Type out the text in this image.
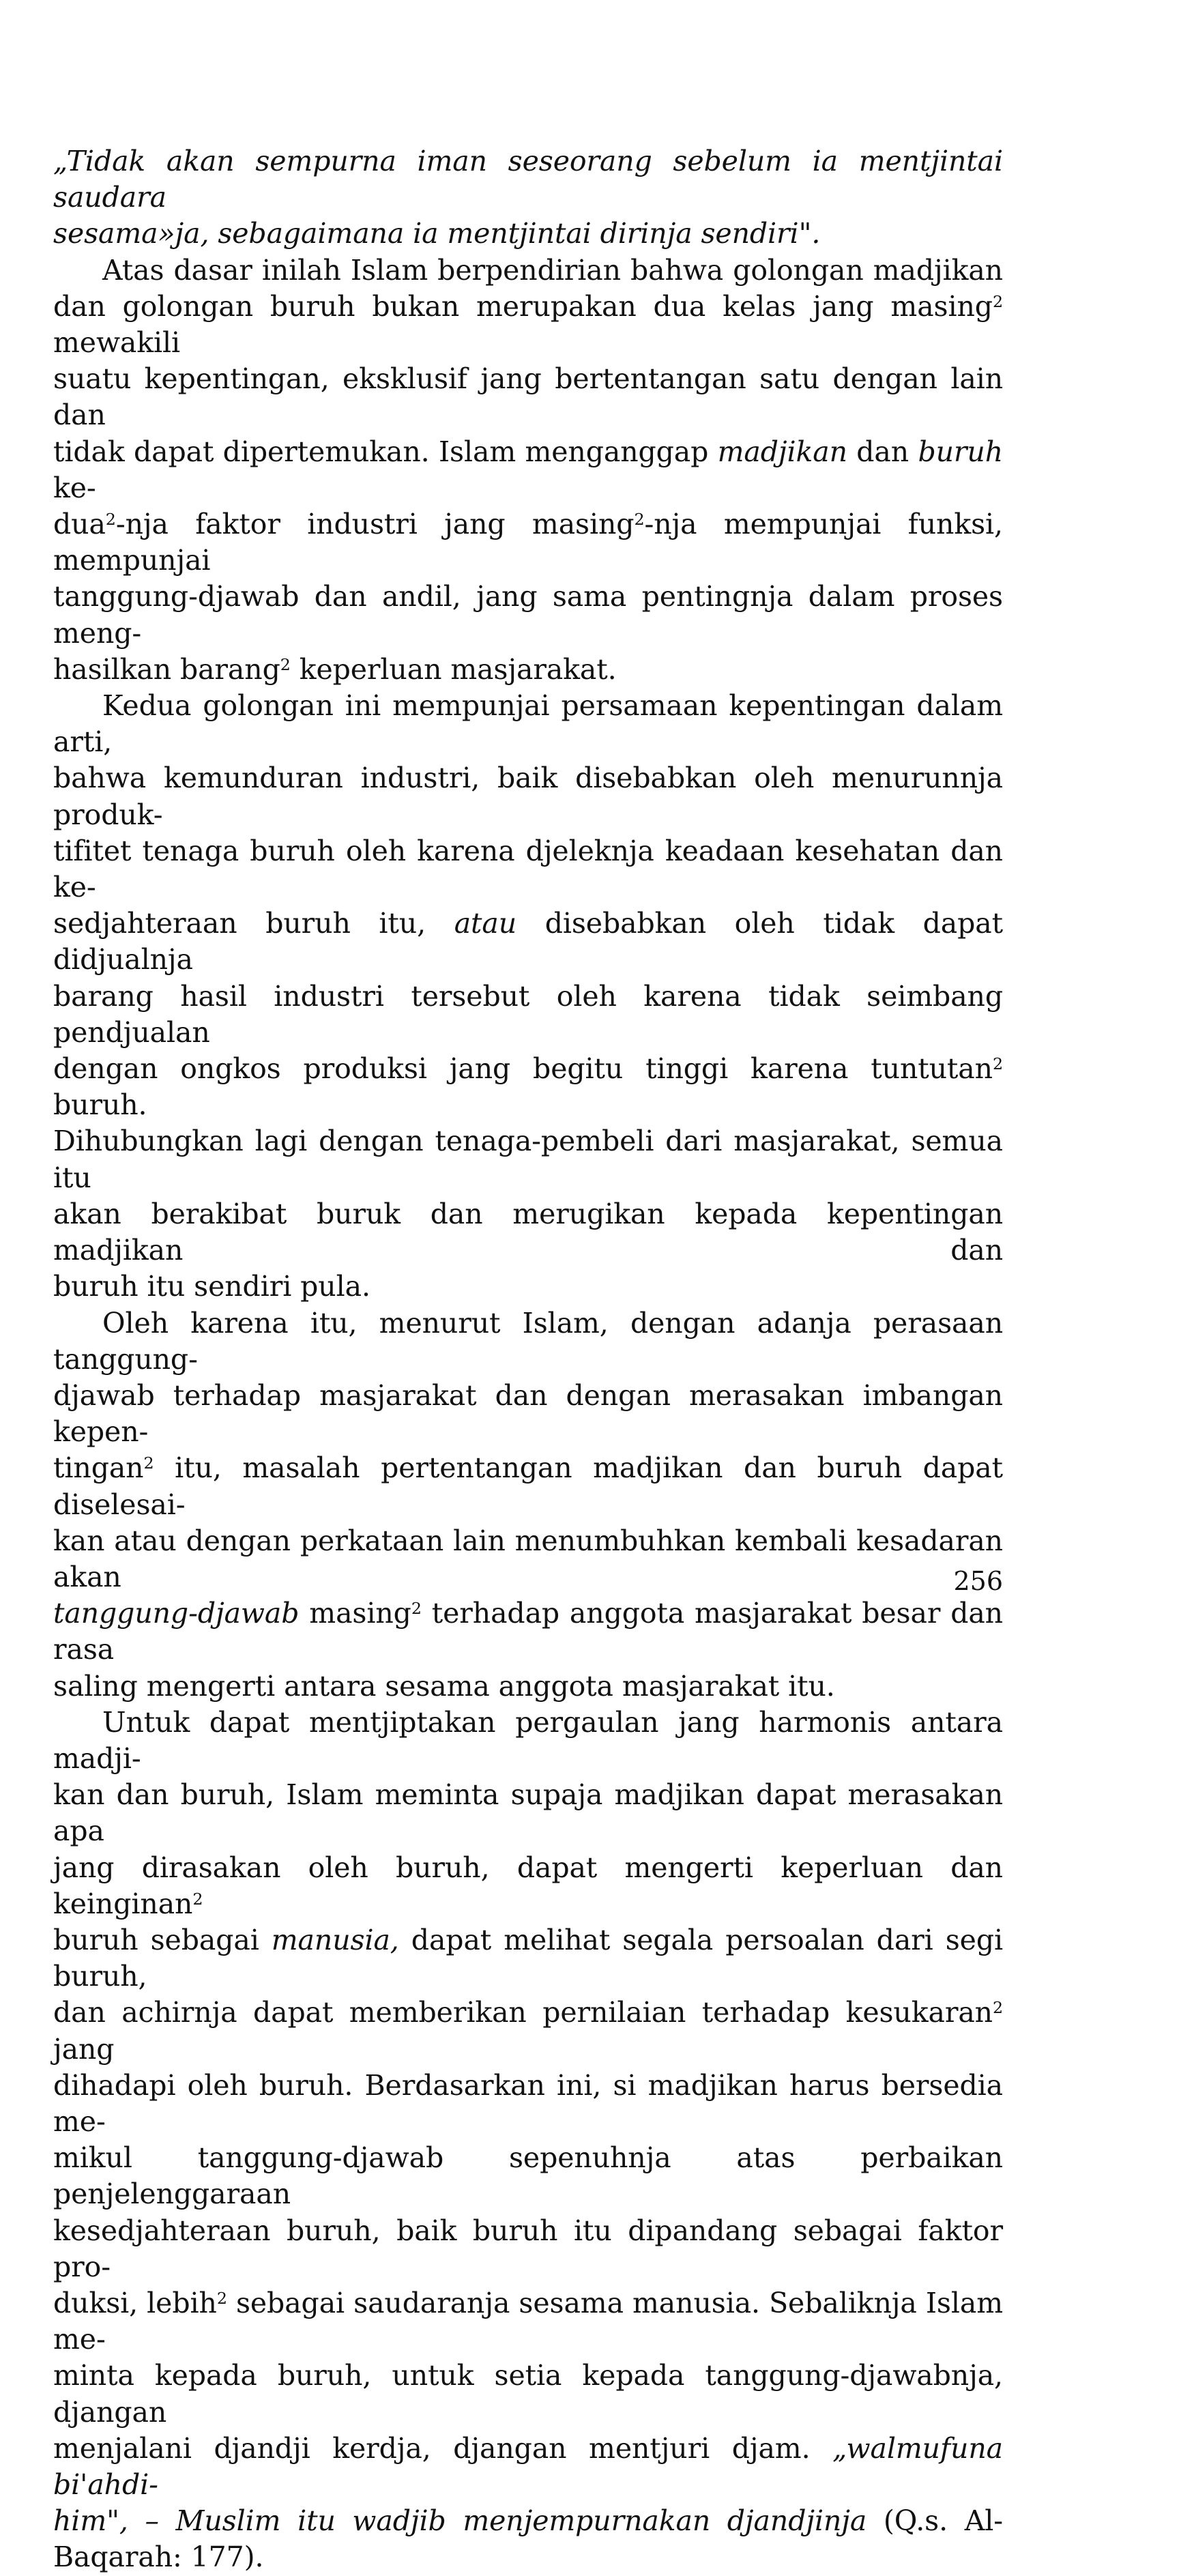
„Tidak akan sempurna iman seseorang sebelum ia mentjintai saudara
sesama»ja, sebagaimana ia mentjintai dirinja sendiri".

Atas dasar inilah Islam berpendirian bahwa golongan madjikan
dan golongan buruh bukan merupakan dua kelas jang masing$^2$ mewakili
suatu kepentingan, eksklusif jang bertentangan satu dengan lain dan
tidak dapat dipertemukan. Islam menganggap madjikan dan buruh ke-
dua$^2$-nja faktor industri jang masing$^2$-nja mempunjai funksi, mempunjai
tanggung-djawab dan andil, jang sama pentingnja dalam proses meng-
hasilkan barang$^2$ keperluan masjarakat.

Kedua golongan ini mempunjai persamaan kepentingan dalam arti,
bahwa kemunduran industri, baik disebabkan oleh menurunnja produk-
tifitet tenaga buruh oleh karena djeleknja keadaan kesehatan dan ke-
sedjahteraan buruh itu, atau disebabkan oleh tidak dapat didjualnja
barang hasil industri tersebut oleh karena tidak seimbang pendjualan
dengan ongkos produksi jang begitu tinggi karena tuntutan$^2$ buruh.
Dihubungkan lagi dengan tenaga-pembeli dari masjarakat, semua itu
akan berakibat buruk dan merugikan kepada kepentingan madjikan dan
buruh itu sendiri pula.

Oleh karena itu, menurut Islam, dengan adanja perasaan tanggung-
djawab terhadap masjarakat dan dengan merasakan imbangan kepen-
tingan$^2$ itu, masalah pertentangan madjikan dan buruh dapat diselesai-
kan atau dengan perkataan lain menumbuhkan kembali kesadaran akan
tanggung-djawab masing$^2$ terhadap anggota masjarakat besar dan rasa
saling mengerti antara sesama anggota masjarakat itu.

Untuk dapat mentjiptakan pergaulan jang harmonis antara madji-
kan dan buruh, Islam meminta supaja madjikan dapat merasakan apa
jang dirasakan oleh buruh, dapat mengerti keperluan dan keinginan$^2$
buruh sebagai manusia, dapat melihat segala persoalan dari segi buruh,
dan achirnja dapat memberikan pernilaian terhadap kesukaran$^2$ jang
dihadapi oleh buruh. Berdasarkan ini, si madjikan harus bersedia me-
mikul tanggung-djawab sepenuhnja atas perbaikan penjelenggaraan
kesedjahteraan buruh, baik buruh itu dipandang sebagai faktor pro-
duksi, lebih$^2$ sebagai saudaranja sesama manusia. Sebaliknja Islam me-
minta kepada buruh, untuk setia kepada tanggung-djawabnja, djangan
menjalani djandji kerdja, djangan mentjuri djam. „walmufuna bi'ahdi-
him", – Muslim itu wadjib menjempurnakan djandjinja (Q.s. Al-
Baqarah: 177).

256
